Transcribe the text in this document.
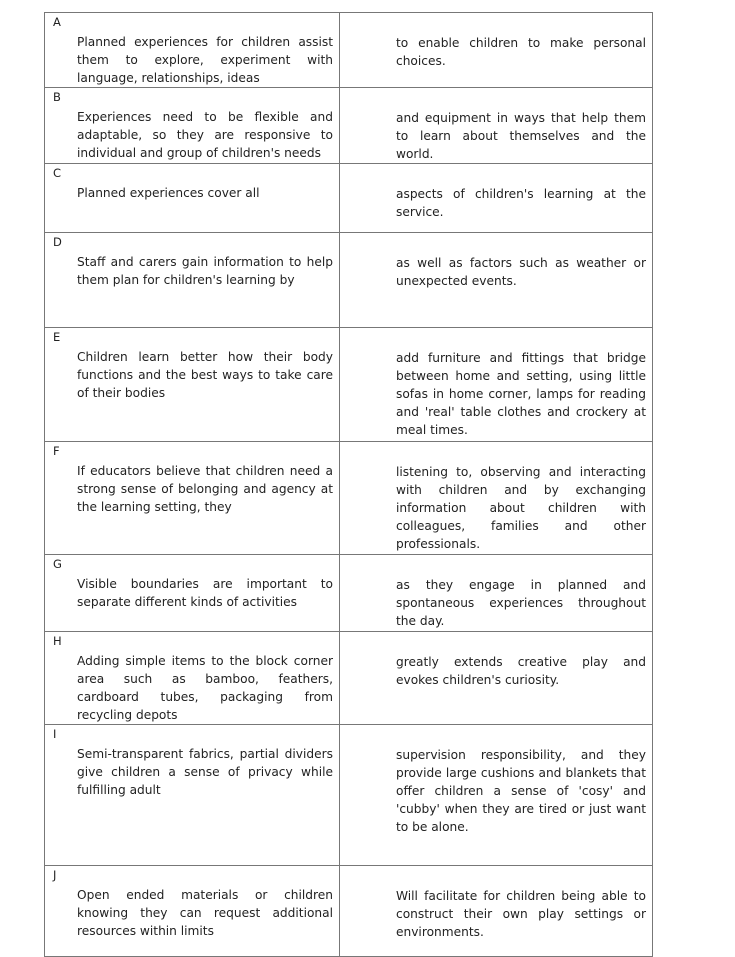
A
Planned experiences for children assist them to explore, experiment with language, relationships, ideas	to enable children to make personal choices.

B
Experiences need to be flexible and adaptable, so they are responsive to individual and group of children's needs	and equipment in ways that help them to learn about themselves and the world.

C
Planned experiences cover all	aspects of children's learning at the service.

D
Staff and carers gain information to help them plan for children's learning by	as well as factors such as weather or unexpected events.

E
Children learn better how their body functions and the best ways to take care of their bodies	add furniture and fittings that bridge between home and setting, using little sofas in home corner, lamps for reading and 'real' table clothes and crockery at meal times.

F
If educators believe that children need a strong sense of belonging and agency at the learning setting, they	listening to, observing and interacting with children and by exchanging information about children with colleagues, families and other professionals.

G
Visible boundaries are important to separate different kinds of activities	as they engage in planned and spontaneous experiences throughout the day.

H
Adding simple items to the block corner area such as bamboo, feathers, cardboard tubes, packaging from recycling depots	greatly extends creative play and evokes children's curiosity.

I
Semi-transparent fabrics, partial dividers give children a sense of privacy while fulfilling adult	supervision responsibility, and they provide large cushions and blankets that offer children a sense of 'cosy' and 'cubby' when they are tired or just want to be alone.

J
Open ended materials or children knowing they can request additional resources within limits	Will facilitate for children being able to construct their own play settings or environments.
